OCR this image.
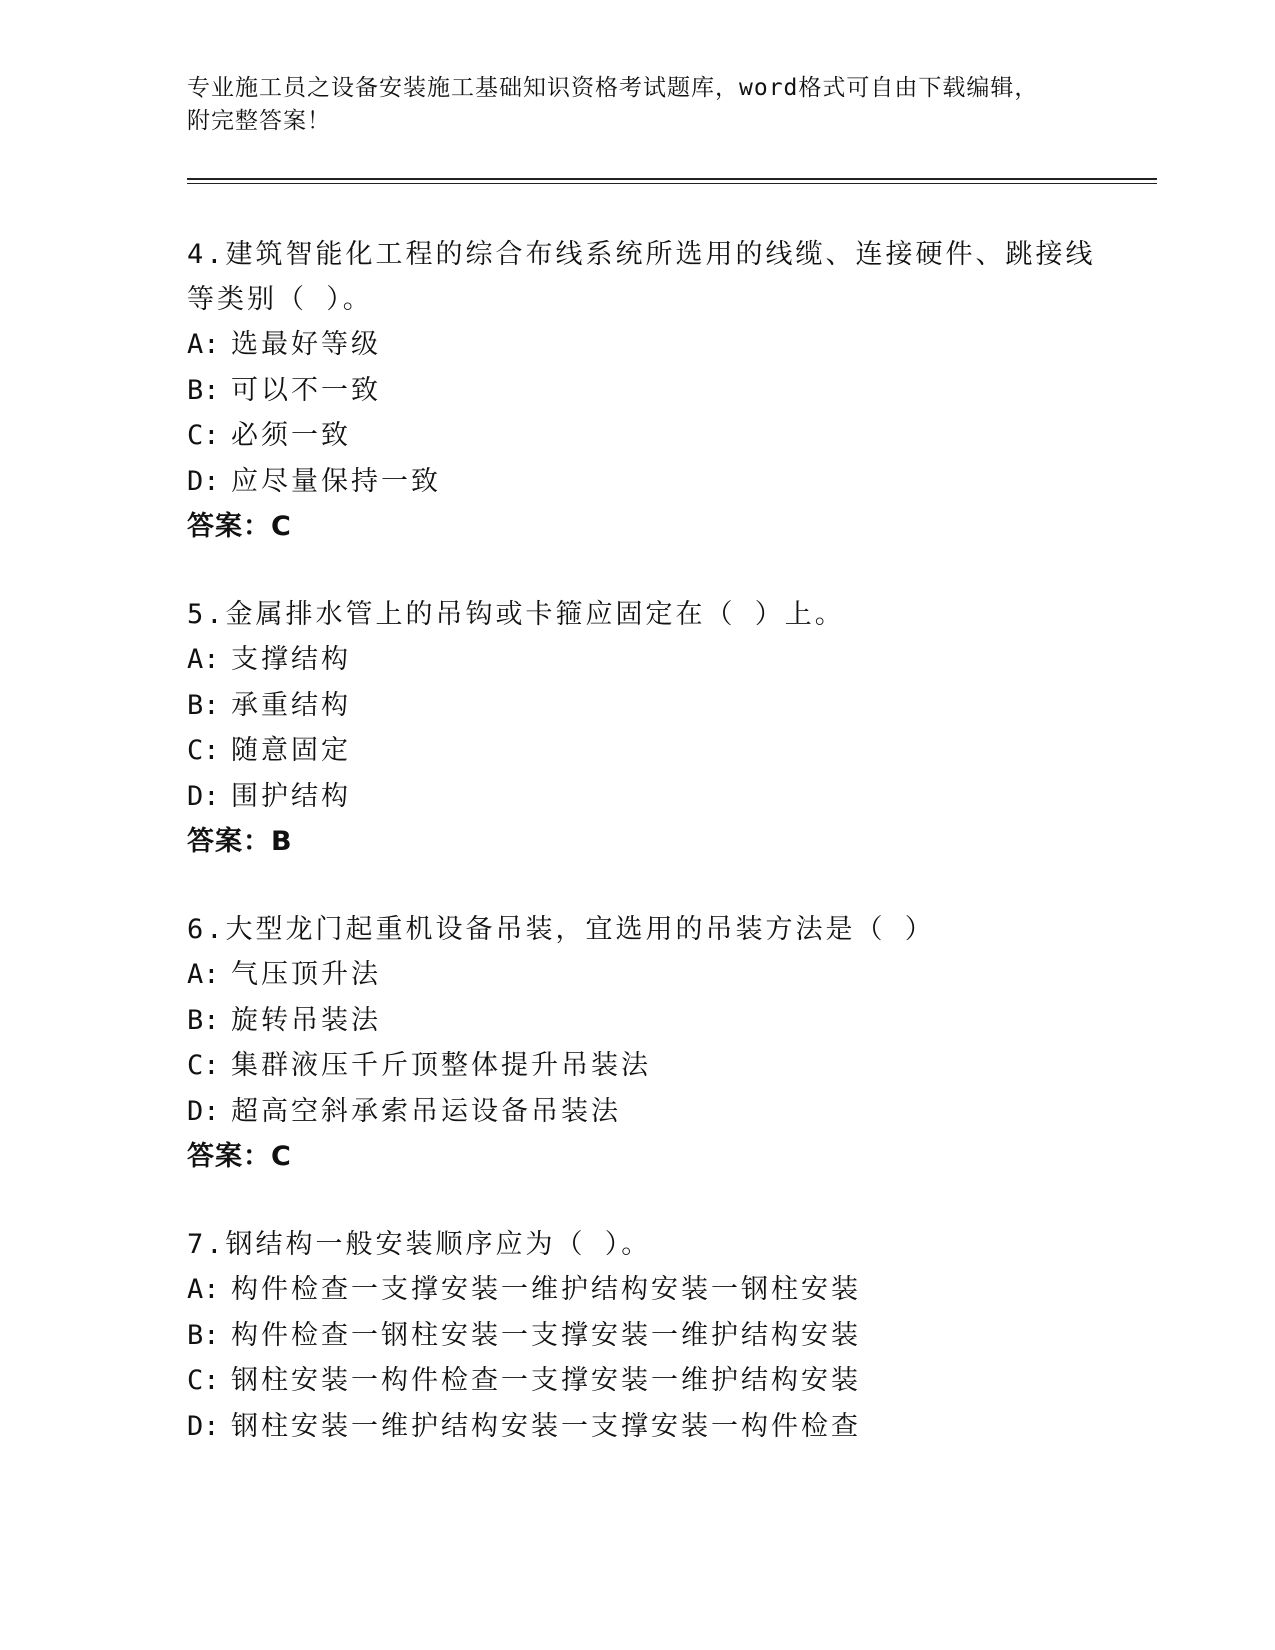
专业施工员之设备安装施工基础知识资格考试题库，word格式可自由下载编辑，
附完整答案！

4.建筑智能化工程的综合布线系统所选用的线缆、连接硬件、跳接线
等类别（ ）。

A: 选最好等级

B: 可以不一致

C: 必须一致

D: 应尽量保持一致

答案：C

5.金属排水管上的吊钩或卡箍应固定在（ ）上。

A: 支撑结构

B: 承重结构

C: 随意固定

D: 围护结构

答案：B

6.大型龙门起重机设备吊装，宜选用的吊装方法是（ ）

A: 气压顶升法

B: 旋转吊装法

C: 集群液压千斤顶整体提升吊装法

D: 超高空斜承索吊运设备吊装法

答案：C

7.钢结构一般安装顺序应为（ ）。

A: 构件检查一支撑安装一维护结构安装一钢柱安装

B: 构件检查一钢柱安装一支撑安装一维护结构安装

C: 钢柱安装一构件检查一支撑安装一维护结构安装

D: 钢柱安装一维护结构安装一支撑安装一构件检查
